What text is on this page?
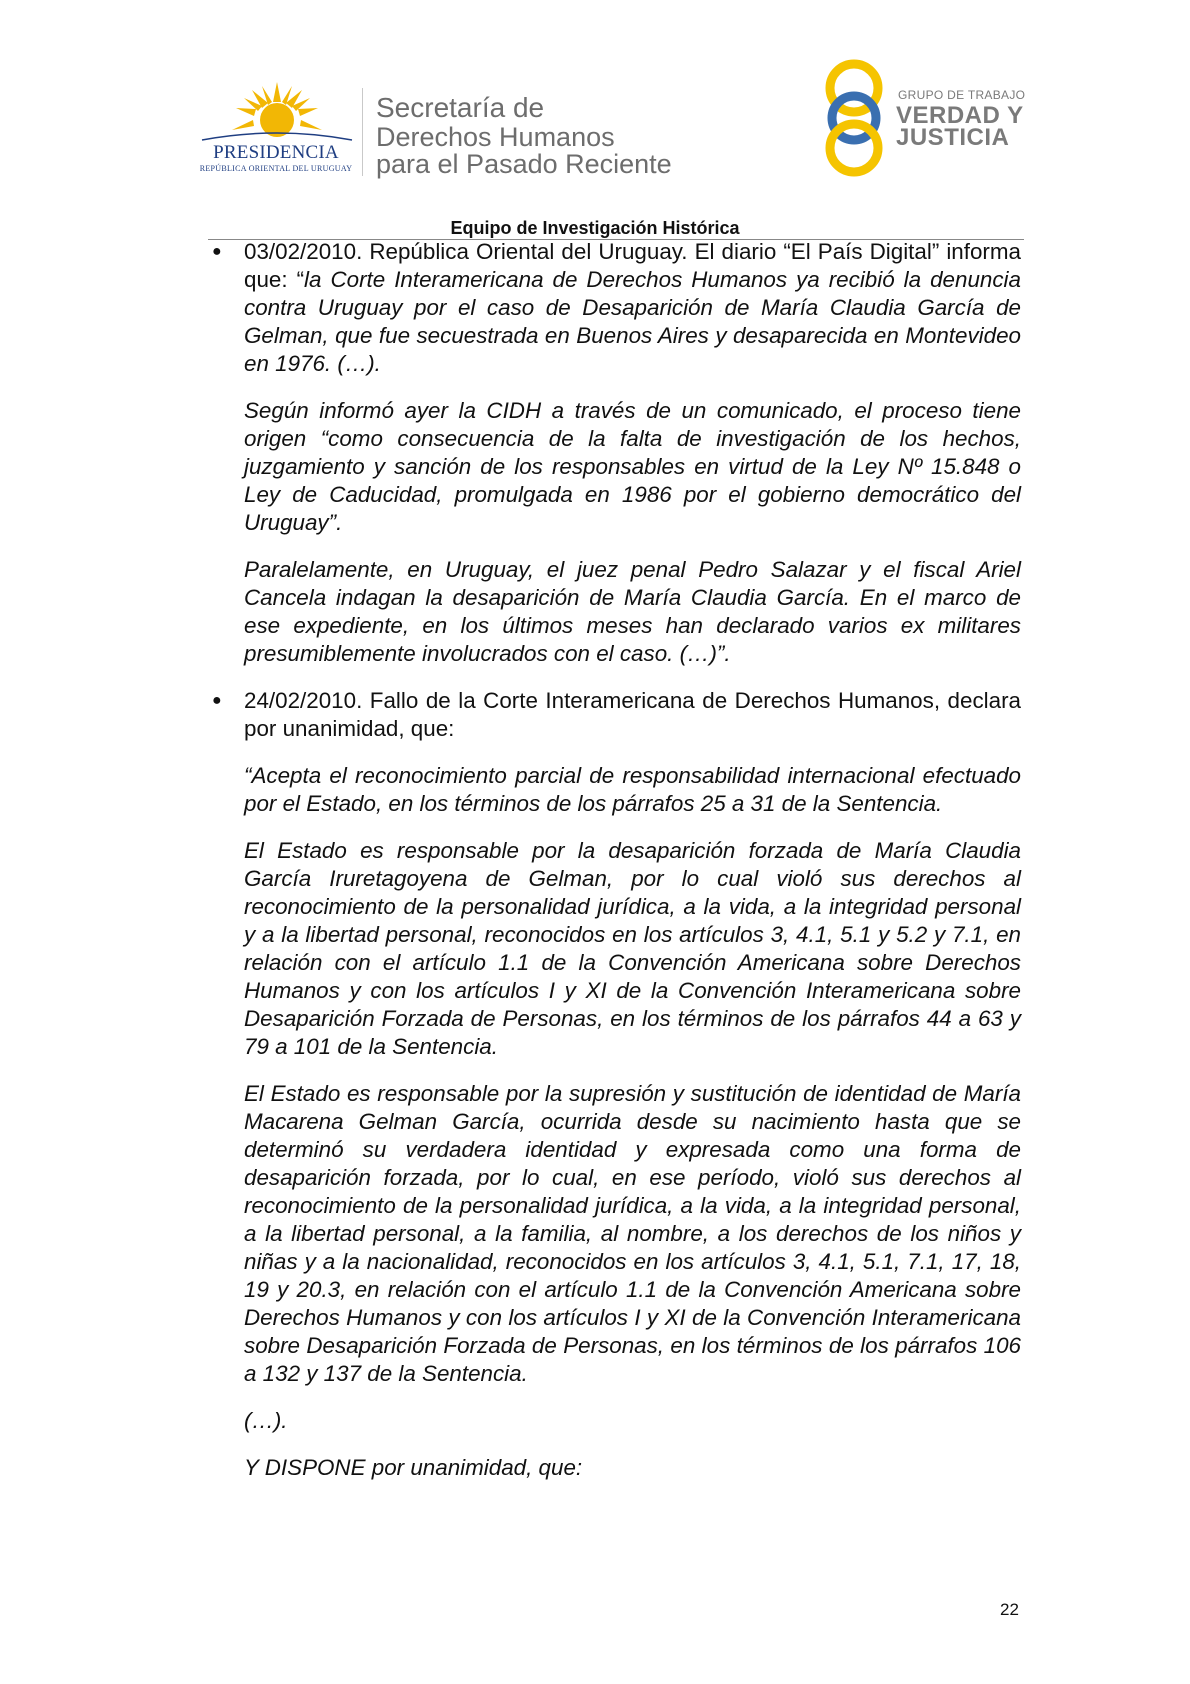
PRESIDENCIA
REPÚBLICA ORIENTAL DEL URUGUAY
Secretaría de
Derechos Humanos
para el Pasado Reciente
GRUPO DE TRABAJO
VERDAD Y
JUSTICIA
Equipo de Investigación Histórica
● 03/02/2010. República Oriental del Uruguay. El diario “El País Digital” informa que: “la Corte Interamericana de Derechos Humanos ya recibió la denuncia contra Uruguay por el caso de Desaparición de María Claudia García de Gelman, que fue secuestrada en Buenos Aires y desaparecida en Montevideo en 1976. (…).
Según informó ayer la CIDH a través de un comunicado, el proceso tiene origen “como consecuencia de la falta de investigación de los hechos, juzgamiento y sanción de los responsables en virtud de la Ley Nº 15.848 o Ley de Caducidad, promulgada en 1986 por el gobierno democrático del Uruguay”.
Paralelamente, en Uruguay, el juez penal Pedro Salazar y el fiscal Ariel Cancela indagan la desaparición de María Claudia García. En el marco de ese expediente, en los últimos meses han declarado varios ex militares presumiblemente involucrados con el caso. (…)”.
● 24/02/2010. Fallo de la Corte Interamericana de Derechos Humanos, declara por unanimidad, que:
“Acepta el reconocimiento parcial de responsabilidad internacional efectuado por el Estado, en los términos de los párrafos 25 a 31 de la Sentencia.
El Estado es responsable por la desaparición forzada de María Claudia García Iruretagoyena de Gelman, por lo cual violó sus derechos al reconocimiento de la personalidad jurídica, a la vida, a la integridad personal y a la libertad personal, reconocidos en los artículos 3, 4.1, 5.1 y 5.2 y 7.1, en relación con el artículo 1.1 de la Convención Americana sobre Derechos Humanos y con los artículos I y XI de la Convención Interamericana sobre Desaparición Forzada de Personas, en los términos de los párrafos 44 a 63 y 79 a 101 de la Sentencia.
El Estado es responsable por la supresión y sustitución de identidad de María Macarena Gelman García, ocurrida desde su nacimiento hasta que se determinó su verdadera identidad y expresada como una forma de desaparición forzada, por lo cual, en ese período, violó sus derechos al reconocimiento de la personalidad jurídica, a la vida, a la integridad personal, a la libertad personal, a la familia, al nombre, a los derechos de los niños y niñas y a la nacionalidad, reconocidos en los artículos 3, 4.1, 5.1, 7.1, 17, 18, 19 y 20.3, en relación con el artículo 1.1 de la Convención Americana sobre Derechos Humanos y con los artículos I y XI de la Convención Interamericana sobre Desaparición Forzada de Personas, en los términos de los párrafos 106 a 132 y 137 de la Sentencia.
(…).
Y DISPONE por unanimidad, que:
22
